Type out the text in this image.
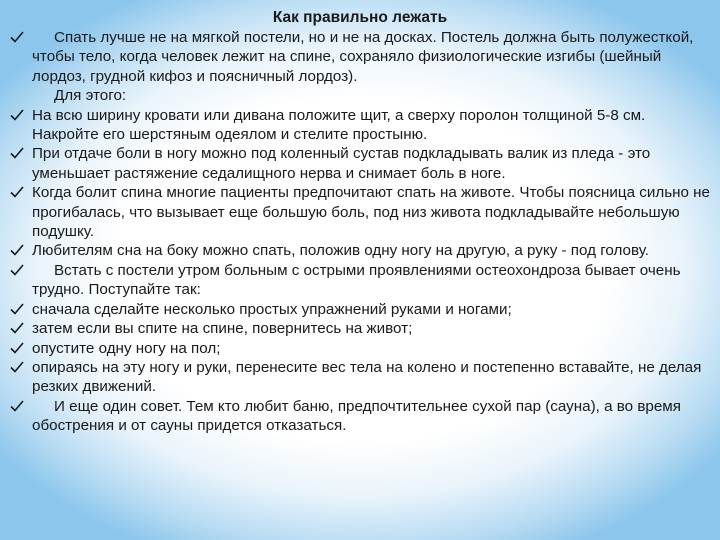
Как правильно лежать
Спать лучше не на мягкой постели, но и не на досках. Постель должна быть полужесткой, чтобы тело, когда человек лежит на спине, сохраняло физиологические изгибы (шейный лордоз, грудной кифоз и поясничный лордоз).
Для этого:
На всю ширину кровати или дивана положите щит, а сверху поролон толщиной 5-8 см. Накройте его шерстяным одеялом и стелите простыню.
При отдаче боли в ногу можно под коленный сустав подкладывать валик из пледа - это уменьшает растяжение седалищного нерва и снимает боль в ноге.
Когда болит спина многие пациенты предпочитают спать на животе. Чтобы поясница сильно не прогибалась, что вызывает еще большую боль, под низ живота подкладывайте небольшую подушку.
Любителям сна на боку можно спать, положив одну ногу на другую, а руку - под голову.
Встать с постели утром больным с острыми проявлениями остеохондроза бывает очень трудно. Поступайте так:
сначала сделайте несколько простых упражнений руками и ногами;
затем если вы спите на спине, повернитесь на живот;
опустите одну ногу на пол;
опираясь на эту ногу и руки, перенесите вес тела на колено и постепенно вставайте, не делая резких движений.
И еще один совет. Тем кто любит баню, предпочтительнее сухой пар (сауна), а во время обострения и от сауны придется отказаться.
